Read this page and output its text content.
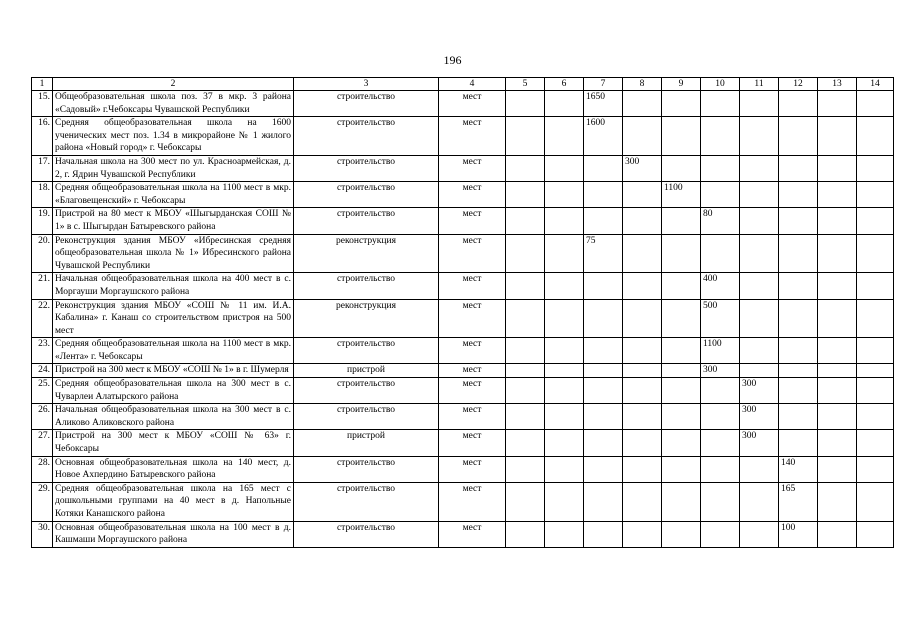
196
1	2	3	4	5	6	7	8	9	10	11	12	13	14
15.	Общеобразовательная школа поз. 37 в мкр. 3 района «Садовый» г.Чебоксары Чувашской Республики	строительство	мест			1650							
16.	Средняя общеобразовательная школа на 1600 ученических мест поз. 1.34 в микрорайоне № 1 жилого района «Новый город» г. Чебоксары	строительство	мест			1600							
17.	Начальная школа на 300 мест по ул. Красноармейская, д. 2, г. Ядрин Чувашской Республики	строительство	мест				300						
18.	Средняя общеобразовательная школа на 1100 мест в мкр. «Благовещенский» г. Чебоксары	строительство	мест					1100					
19.	Пристрой на 80 мест к МБОУ «Шыгырданская СОШ № 1» в с. Шыгырдан Батыревского района	строительство	мест						80				
20.	Реконструкция здания МБОУ «Ибресинская средняя общеобразовательная школа № 1» Ибресинского района Чувашской Республики	реконструкция	мест			75							
21.	Начальная общеобразовательная школа на 400 мест в с. Моргауши Моргаушского района	строительство	мест						400				
22.	Реконструкция здания МБОУ «СОШ № 11 им. И.А. Кабалина» г. Канаш со строительством пристроя на 500 мест	реконструкция	мест						500				
23.	Средняя общеобразовательная школа на 1100 мест в мкр. «Лента» г. Чебоксары	строительство	мест						1100				
24.	Пристрой на 300 мест к МБОУ «СОШ № 1» в г. Шумерля	пристрой	мест						300				
25.	Средняя общеобразовательная школа на 300 мест в с. Чуварлеи Алатырского района	строительство	мест							300			
26.	Начальная общеобразовательная школа на 300 мест в с. Аликово Аликовского района	строительство	мест							300			
27.	Пристрой на 300 мест к МБОУ «СОШ № 63» г. Чебоксары	пристрой	мест							300			
28.	Основная общеобразовательная школа на 140 мест, д. Новое Ахпердино Батыревского района	строительство	мест								140		
29.	Средняя общеобразовательная школа на 165 мест с дошкольными группами на 40 мест в д. Напольные Котяки Канашского района	строительство	мест								165		
30.	Основная общеобразовательная школа на 100 мест в д. Кашмаши Моргаушского района	строительство	мест								100		
